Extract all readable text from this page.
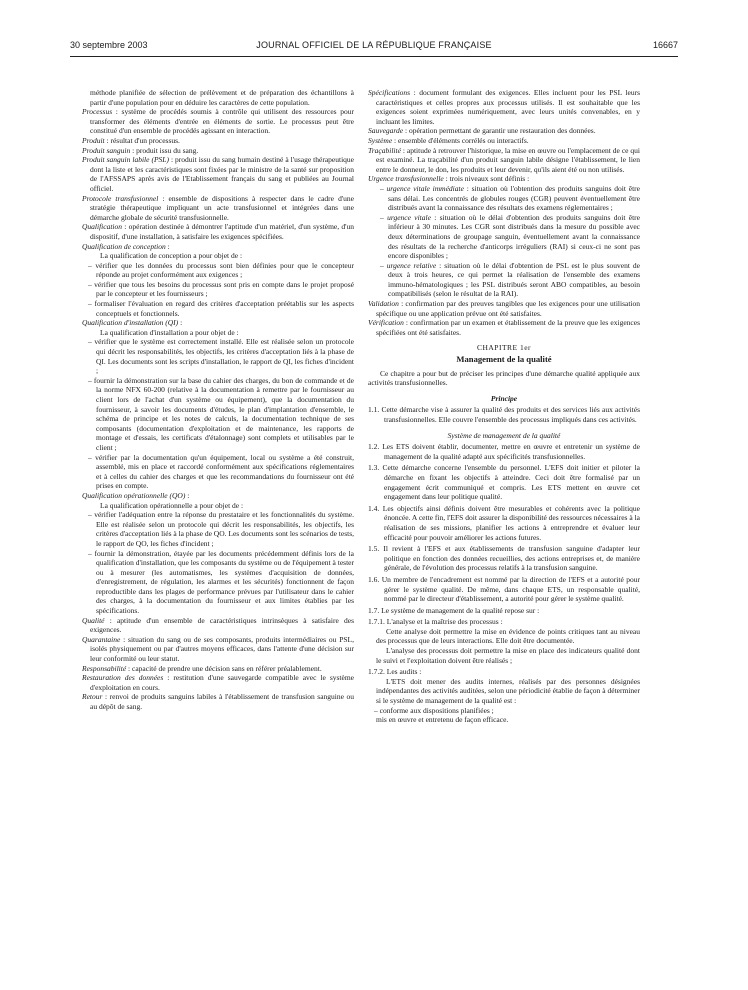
30 septembre 2003	JOURNAL OFFICIEL DE LA RÉPUBLIQUE FRANÇAISE	16667

méthode planifiée de sélection de prélèvement et de préparation des échantillons à partir d'une population pour en déduire les caractères de cette population.

Processus : système de procédés soumis à contrôle qui utilisent des ressources pour transformer des éléments d'entrée en éléments de sortie. Le processus peut être constitué d'un ensemble de procédés agissant en interaction.

Produit : résultat d'un processus.

Produit sanguin : produit issu du sang.

Produit sanguin labile (PSL) : produit issu du sang humain destiné à l'usage thérapeutique dont la liste et les caractéristiques sont fixées par le ministre de la santé sur proposition de l'AFSSAPS après avis de l'Etablissement français du sang et publiées au Journal officiel.

Protocole transfusionnel : ensemble de dispositions à respecter dans le cadre d'une stratégie thérapeutique impliquant un acte transfusionnel et intégrées dans une démarche globale de sécurité transfusionnelle.

Qualification : opération destinée à démontrer l'aptitude d'un matériel, d'un système, d'un dispositif, d'une installation, à satisfaire les exigences spécifiées.

Qualification de conception :

La qualification de conception a pour objet de :

– vérifier que les données du processus sont bien définies pour que le concepteur réponde au projet conformément aux exigences ;

– vérifier que tous les besoins du processus sont pris en compte dans le projet proposé par le concepteur et les fournisseurs ;

– formaliser l'évaluation en regard des critères d'acceptation préétablis sur les aspects conceptuels et fonctionnels.

Qualification d'installation (QI) :

La qualification d'installation a pour objet de :

– vérifier que le système est correctement installé. Elle est réalisée selon un protocole qui décrit les responsabilités, les objectifs, les critères d'acceptation liés à la phase de QI. Les documents sont les scripts d'installation, le rapport de QI, les fiches d'incident ;

– fournir la démonstration sur la base du cahier des charges, du bon de commande et de la norme NFX 60-200 (relative à la documentation à remettre par le fournisseur au client lors de l'achat d'un système ou équipement), que la documentation du fournisseur, à savoir les documents d'études, le plan d'implantation d'ensemble, le schéma de principe et les notes de calculs, la documentation technique de ses composants (documentation d'exploitation et de maintenance, les rapports de montage et d'essais, les certificats d'étalonnage) sont complets et utilisables par le client ;

– vérifier par la documentation qu'un équipement, local ou système a été construit, assemblé, mis en place et raccordé conformément aux spécifications réglementaires et à celles du cahier des charges et que les recommandations du fournisseur ont été prises en compte.

Qualification opérationnelle (QO) :

La qualification opérationnelle a pour objet de :

– vérifier l'adéquation entre la réponse du prestataire et les fonctionnalités du système. Elle est réalisée selon un protocole qui décrit les responsabilités, les objectifs, les critères d'acceptation liés à la phase de QO. Les documents sont les scénarios de tests, le rapport de QO, les fiches d'incident ;

– fournir la démonstration, étayée par les documents précédemment définis lors de la qualification d'installation, que les composants du système ou de l'équipement à tester ou à mesurer (les automatismes, les systèmes d'acquisition de données, d'enregistrement, de régulation, les alarmes et les sécurités) fonctionnent de façon reproductible dans les plages de performance prévues par l'utilisateur dans le cahier des charges, à la documentation du fournisseur et aux limites établies par les spécifications.

Qualité : aptitude d'un ensemble de caractéristiques intrinsèques à satisfaire des exigences.

Quarantaine : situation du sang ou de ses composants, produits intermédiaires ou PSL, isolés physiquement ou par d'autres moyens efficaces, dans l'attente d'une décision sur leur conformité ou leur statut.

Responsabilité : capacité de prendre une décision sans en référer préalablement.

Restauration des données : restitution d'une sauvegarde compatible avec le système d'exploitation en cours.

Retour : renvoi de produits sanguins labiles à l'établissement de transfusion sanguine ou au dépôt de sang.

Spécifications : document formulant des exigences. Elles incluent pour les PSL leurs caractéristiques et celles propres aux processus utilisés. Il est souhaitable que les exigences soient exprimées numériquement, avec leurs unités convenables, en y incluant les limites.

Sauvegarde : opération permettant de garantir une restauration des données.

Système : ensemble d'éléments corrélés ou interactifs.

Traçabilité : aptitude à retrouver l'historique, la mise en œuvre ou l'emplacement de ce qui est examiné. La traçabilité d'un produit sanguin labile désigne l'établissement, le lien entre le donneur, le don, les produits et leur devenir, qu'ils aient été ou non utilisés.

Urgence transfusionnelle : trois niveaux sont définis :

– urgence vitale immédiate : situation où l'obtention des produits sanguins doit être sans délai. Les concentrés de globules rouges (CGR) peuvent éventuellement être distribués avant la connaissance des résultats des examens réglementaires ;

– urgence vitale : situation où le délai d'obtention des produits sanguins doit être inférieur à 30 minutes. Les CGR sont distribués dans la mesure du possible avec deux déterminations de groupage sanguin, éventuellement avant la connaissance des résultats de la recherche d'anticorps irréguliers (RAI) si ceux-ci ne sont pas encore disponibles ;

– urgence relative : situation où le délai d'obtention de PSL est le plus souvent de deux à trois heures, ce qui permet la réalisation de l'ensemble des examens immuno-hématologiques ; les PSL distribués seront ABO compatibles, au besoin compatibilisés (selon le résultat de la RAI).

Validation : confirmation par des preuves tangibles que les exigences pour une utilisation spécifique ou une application prévue ont été satisfaites.

Vérification : confirmation par un examen et établissement de la preuve que les exigences spécifiées ont été satisfaites.

CHAPITRE 1er

Management de la qualité

Ce chapitre a pour but de préciser les principes d'une démarche qualité appliquée aux activités transfusionnelles.

Principe

1.1. Cette démarche vise à assurer la qualité des produits et des services liés aux activités transfusionnelles. Elle couvre l'ensemble des processus impliqués dans ces activités.

Système de management de la qualité

1.2. Les ETS doivent établir, documenter, mettre en œuvre et entretenir un système de management de la qualité adapté aux spécificités transfusionnelles.

1.3. Cette démarche concerne l'ensemble du personnel. L'EFS doit initier et piloter la démarche en fixant les objectifs à atteindre. Ceci doit être formalisé par un engagement écrit communiqué et compris. Les ETS mettent en œuvre cet engagement dans leur politique qualité.

1.4. Les objectifs ainsi définis doivent être mesurables et cohérents avec la politique énoncée. A cette fin, l'EFS doit assurer la disponibilité des ressources nécessaires à la réalisation de ses missions, planifier les actions à entreprendre et évaluer leur efficacité pour pouvoir améliorer les actions futures.

1.5. Il revient à l'EFS et aux établissements de transfusion sanguine d'adapter leur politique en fonction des données recueillies, des actions entreprises et, de manière générale, de l'évolution des processus relatifs à la transfusion sanguine.

1.6. Un membre de l'encadrement est nommé par la direction de l'EFS et a autorité pour gérer le système qualité. De même, dans chaque ETS, un responsable qualité, nommé par le directeur d'établissement, a autorité pour gérer le système qualité.

1.7. Le système de management de la qualité repose sur :

1.7.1. L'analyse et la maîtrise des processus :

Cette analyse doit permettre la mise en évidence de points critiques tant au niveau des processus que de leurs interactions. Elle doit être documentée.

L'analyse des processus doit permettre la mise en place des indicateurs qualité dont le suivi et l'exploitation doivent être réalisés ;

1.7.2. Les audits :

L'ETS doit mener des audits internes, réalisés par des personnes désignées indépendantes des activités auditées, selon une périodicité établie de façon à déterminer si le système de management de la qualité est :

– conforme aux dispositions planifiées ;

mis en œuvre et entretenu de façon efficace.
